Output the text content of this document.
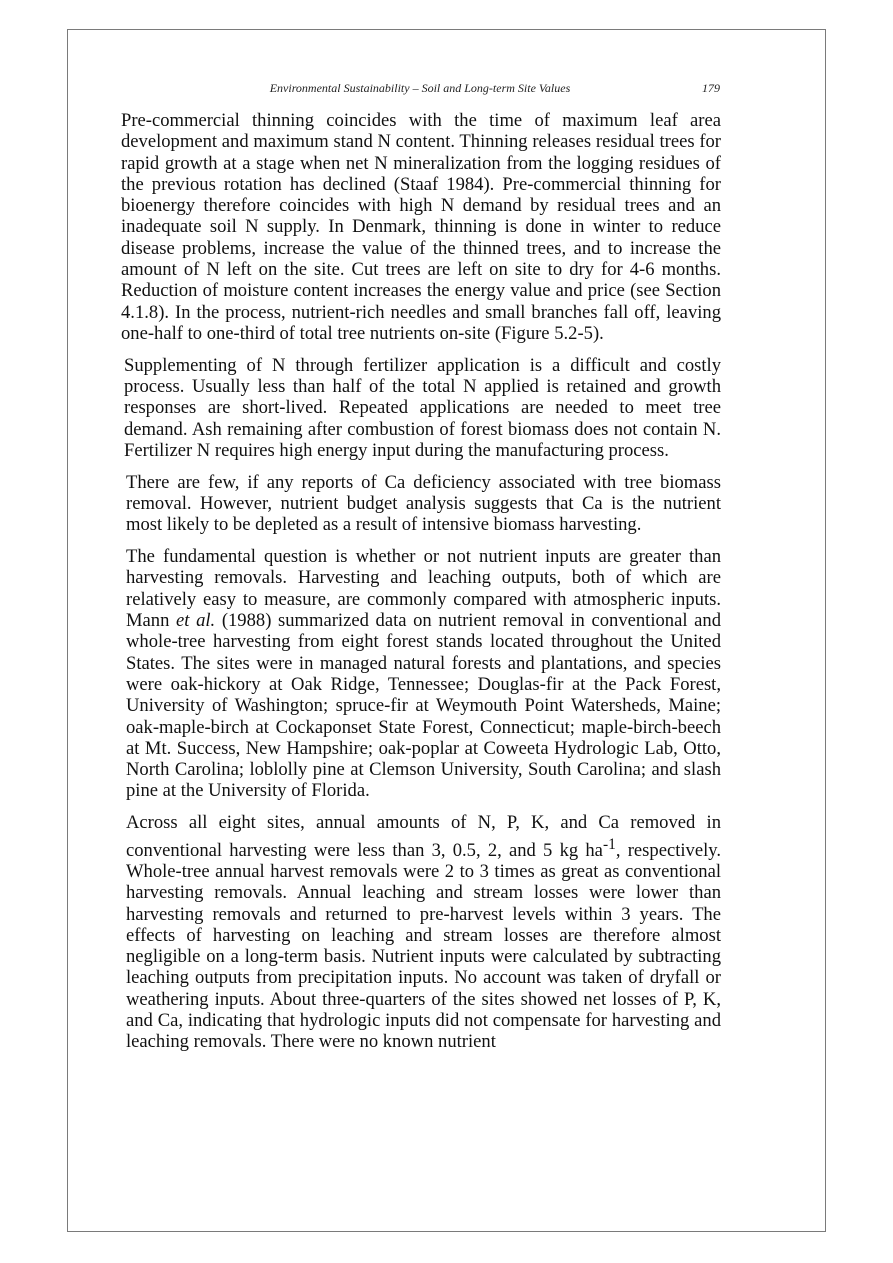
Environmental Sustainability – Soil and Long-term Site Values	179

Pre-commercial thinning coincides with the time of maximum leaf area development and maximum stand N content. Thinning releases residual trees for rapid growth at a stage when net N mineralization from the logging residues of the previous rotation has declined (Staaf 1984). Pre-commercial thinning for bioenergy therefore coincides with high N demand by residual trees and an inadequate soil N supply. In Denmark, thinning is done in winter to reduce disease problems, increase the value of the thinned trees, and to increase the amount of N left on the site. Cut trees are left on site to dry for 4-6 months. Reduction of moisture content increases the energy value and price (see Section 4.1.8). In the process, nutrient-rich needles and small branches fall off, leaving one-half to one-third of total tree nutrients on-site (Figure 5.2-5).

Supplementing of N through fertilizer application is a difficult and costly process. Usually less than half of the total N applied is retained and growth responses are short-lived. Repeated applications are needed to meet tree demand. Ash remaining after combustion of forest biomass does not contain N. Fertilizer N requires high energy input during the manufacturing process.

There are few, if any reports of Ca deficiency associated with tree biomass removal. However, nutrient budget analysis suggests that Ca is the nutrient most likely to be depleted as a result of intensive biomass harvesting.

The fundamental question is whether or not nutrient inputs are greater than harvesting removals. Harvesting and leaching outputs, both of which are relatively easy to measure, are commonly compared with atmospheric inputs. Mann et al. (1988) summarized data on nutrient removal in conventional and whole-tree harvesting from eight forest stands located throughout the United States. The sites were in managed natural forests and plantations, and species were oak-hickory at Oak Ridge, Tennessee; Douglas-fir at the Pack Forest, University of Washington; spruce-fir at Weymouth Point Watersheds, Maine; oak-maple-birch at Cockaponset State Forest, Connecticut; maple-birch-beech at Mt. Success, New Hampshire; oak-poplar at Coweeta Hydrologic Lab, Otto, North Carolina; loblolly pine at Clemson University, South Carolina; and slash pine at the University of Florida.

Across all eight sites, annual amounts of N, P, K, and Ca removed in conventional harvesting were less than 3, 0.5, 2, and 5 kg $ha^{-1}$, respectively. Whole-tree annual harvest removals were 2 to 3 times as great as conventional harvesting removals. Annual leaching and stream losses were lower than harvesting removals and returned to pre-harvest levels within 3 years. The effects of harvesting on leaching and stream losses are therefore almost negligible on a long-term basis. Nutrient inputs were calculated by subtracting leaching outputs from precipitation inputs. No account was taken of dryfall or weathering inputs. About three-quarters of the sites showed net losses of P, K, and Ca, indicating that hydrologic inputs did not compensate for harvesting and leaching removals. There were no known nutrient
